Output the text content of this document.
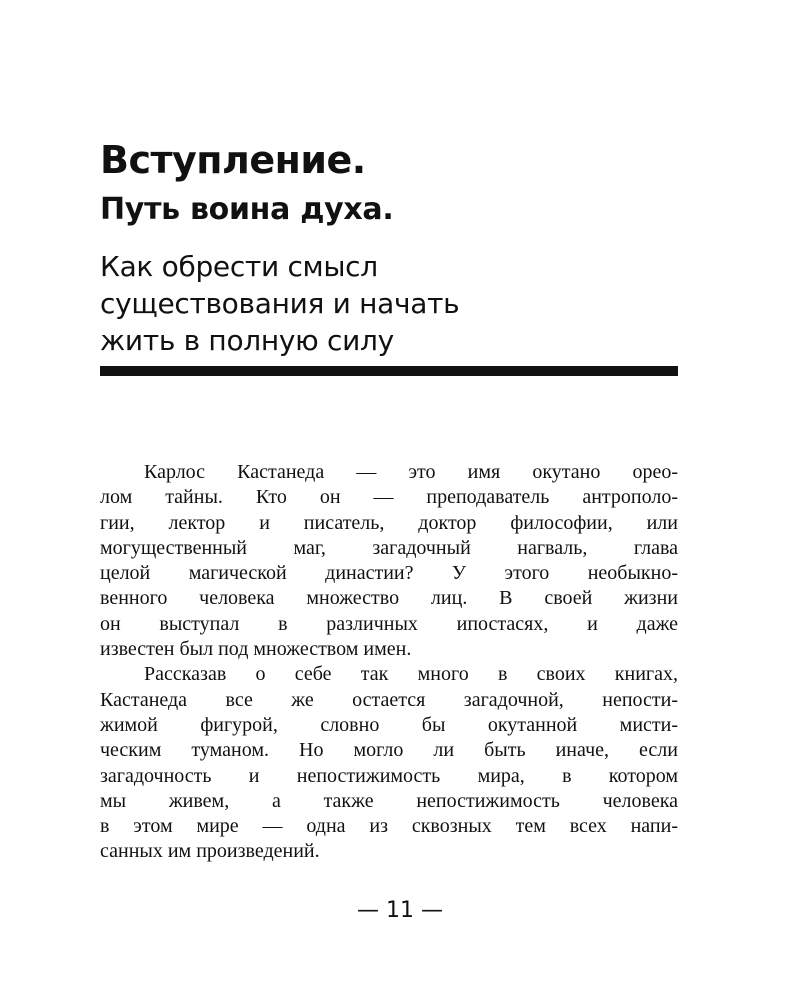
Вступление.
Путь воина духа.
Как обрести смысл
существования и начать
жить в полную силу
Карлос Кастанеда — это имя окутано орео-
лом тайны. Кто он — преподаватель антрополо-
гии, лектор и писатель, доктор философии, или
могущественный маг, загадочный нагваль, глава
целой магической династии? У этого необыкно-
венного человека множество лиц. В своей жизни
он выступал в различных ипостасях, и даже
известен был под множеством имен.
Рассказав о себе так много в своих книгах,
Кастанеда все же остается загадочной, непости-
жимой фигурой, словно бы окутанной мисти-
ческим туманом. Но могло ли быть иначе, если
загадочность и непостижимость мира, в котором
мы живем, а также непостижимость человека
в этом мире — одна из сквозных тем всех напи-
санных им произведений.
— 11 —
